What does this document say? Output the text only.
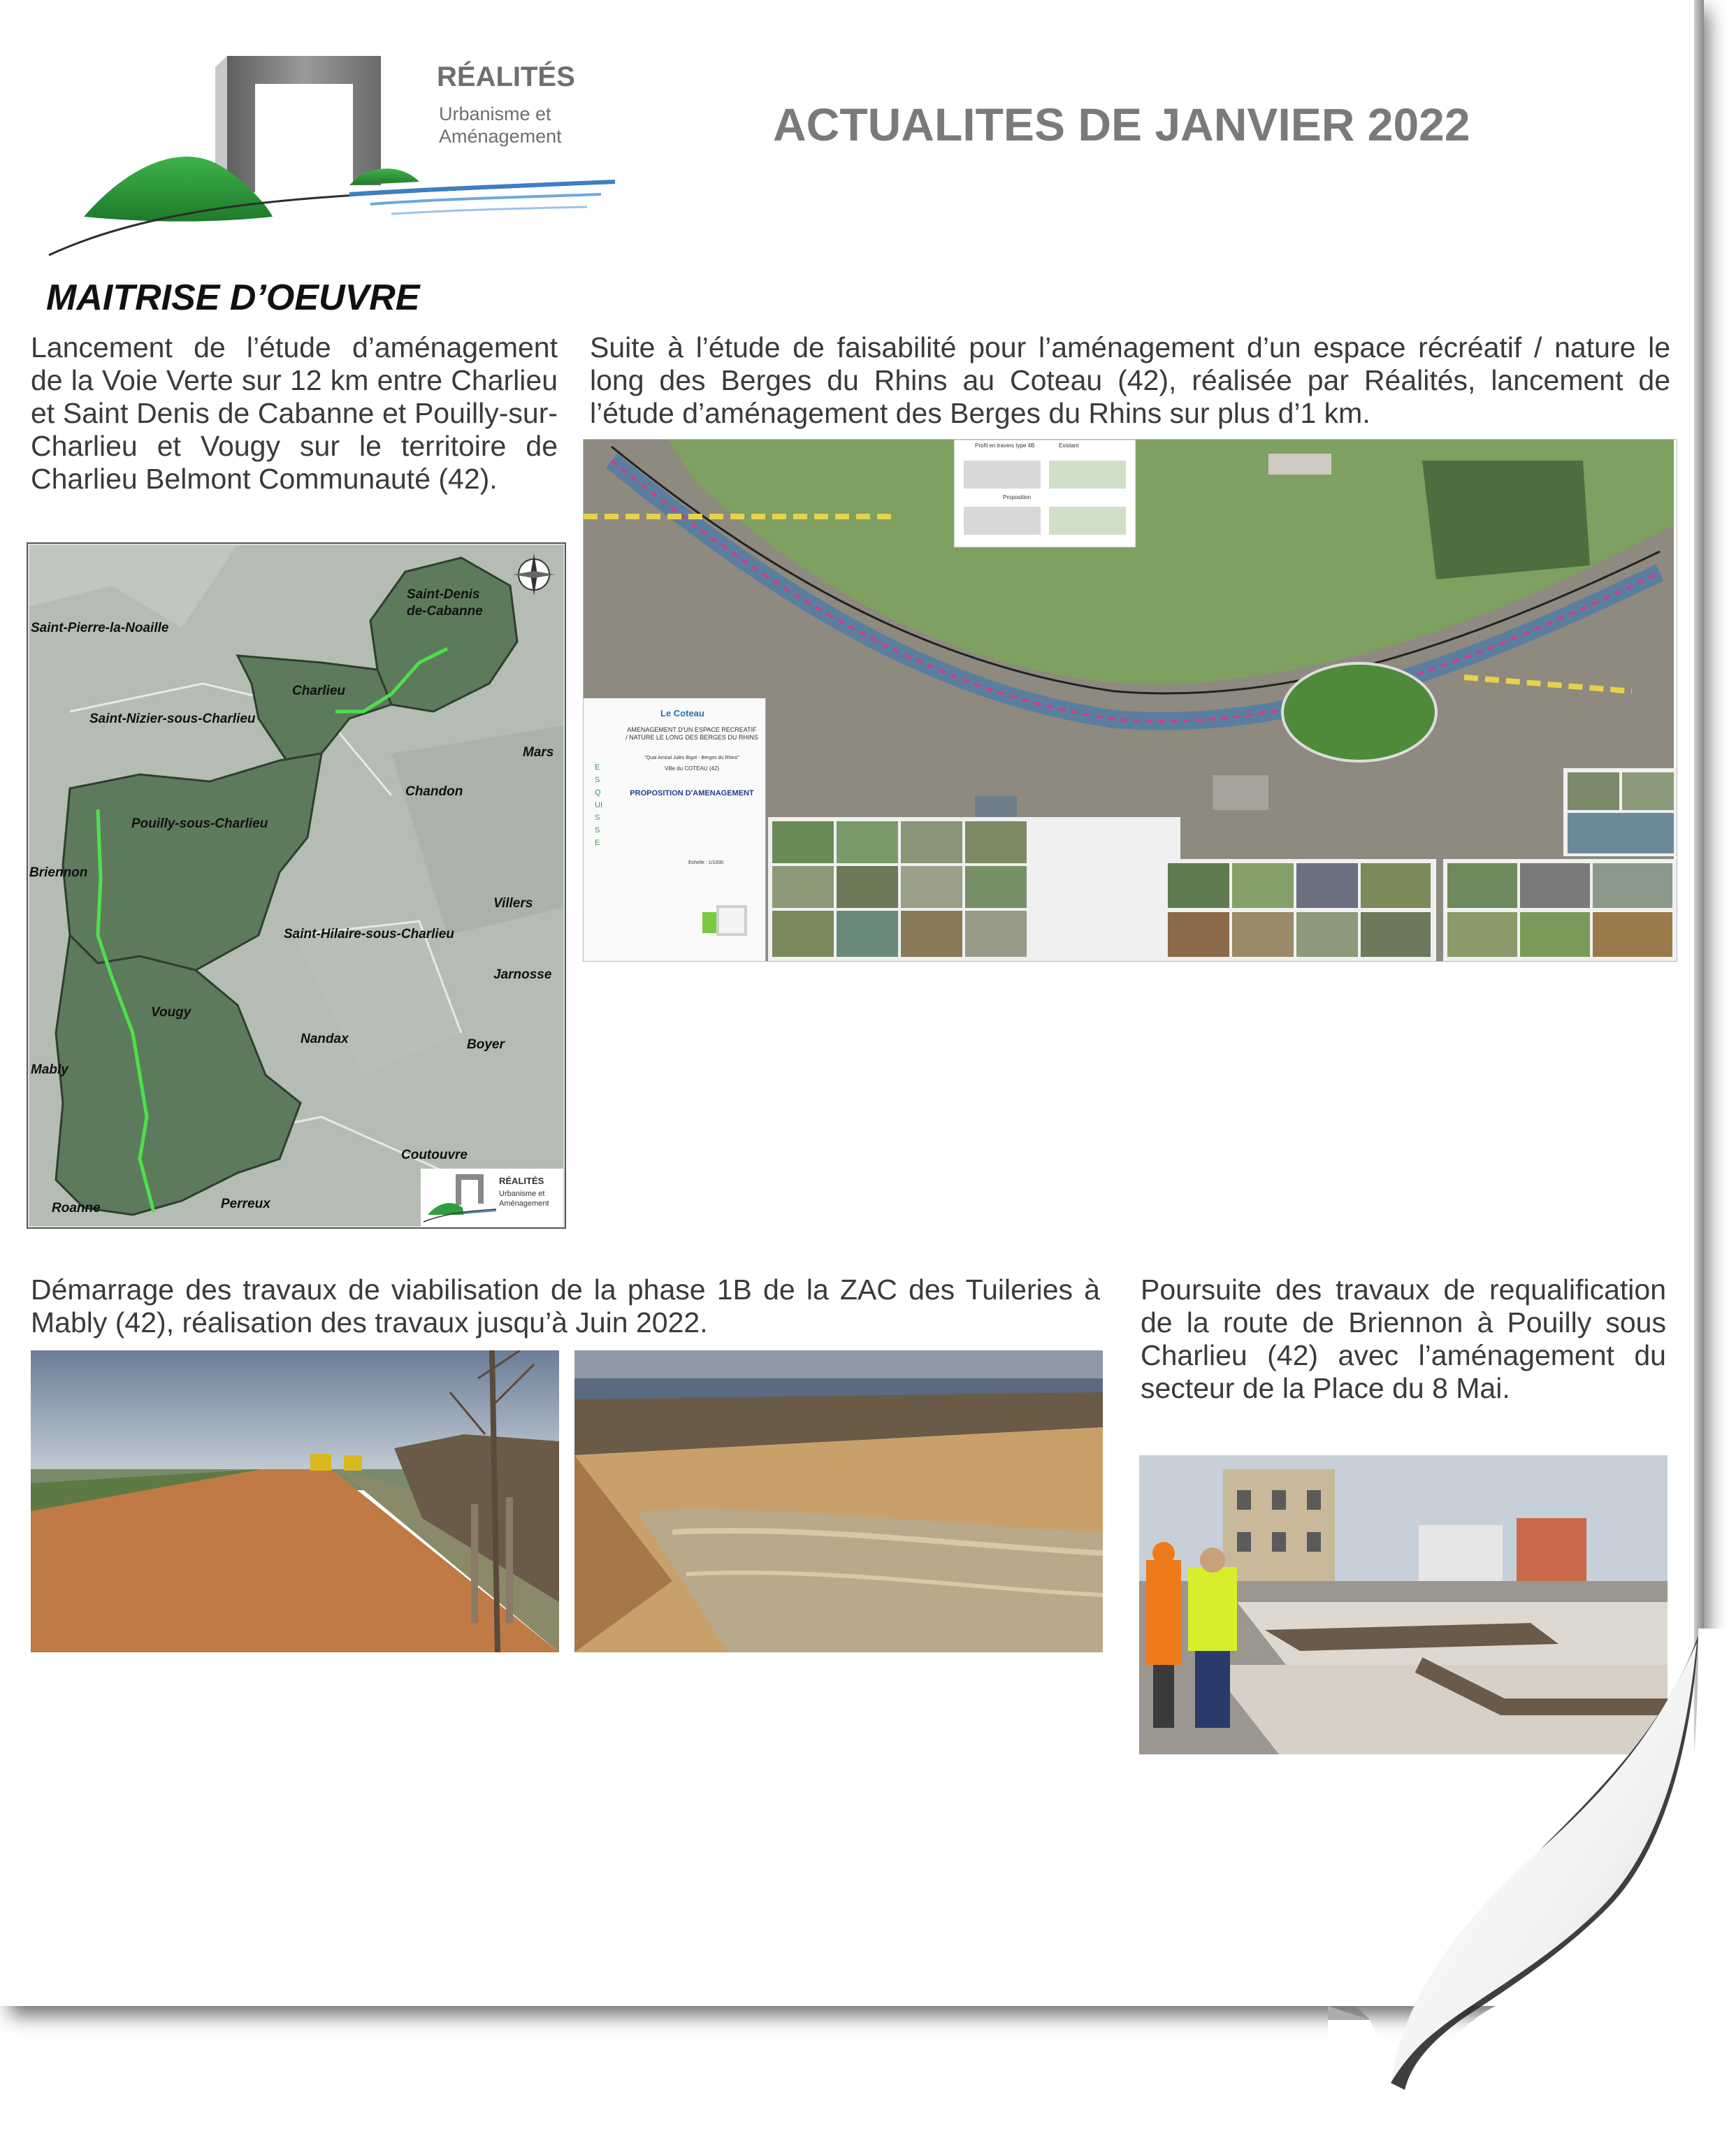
RÉALITÉS
Urbanisme et
Aménagement	ACTUALITES DE JANVIER 2022
MAITRISE D’OEUVRE
Lancement de l’étude d’aménagement de la Voie Verte sur 12 km entre Charlieu et Saint Denis de Cabanne et Pouilly-sur-Charlieu et Vougy sur le territoire de Charlieu Belmont Communauté (42).
Saint-Denis
de-Cabanne
Saint-Pierre-la-Noaille
Charlieu
Saint-Nizier-sous-Charlieu
Mars
Chandon
Pouilly-sous-Charlieu
Briennon
Villers
Saint-Hilaire-sous-Charlieu
Jarnosse
Vougy
Nandax	Boyer
Mably
Coutouvre
Roanne	Perreux
RÉALITÉS
Urbanisme et
Aménagement
Suite à l’étude de faisabilité pour l’aménagement d’un espace récréatif / nature le long des Berges du Rhins au Coteau (42), réalisée par Réalités, lancement de l’étude d’aménagement des Berges du Rhins sur plus d’1 km.
Le Coteau
AMENAGEMENT D'UN ESPACE RECREATIF / NATURE LE LONG DES BERGES DU RHINS
"Quai Amiral Jules Bigot - Berges du Rhins"
Ville du COTEAU (42)
PROPOSITION D'AMENAGEMENT
ESQUISSE
Echelle : 1/1000
Profil en travers type 4B	Existant
Proposition
Démarrage des travaux de viabilisation de la phase 1B de la ZAC des Tuileries à Mably (42), réalisation des travaux jusqu’à Juin 2022.
Poursuite des travaux de requalification de la route de Briennon à Pouilly sous Charlieu (42) avec l’aménagement du secteur de la Place du 8 Mai.
